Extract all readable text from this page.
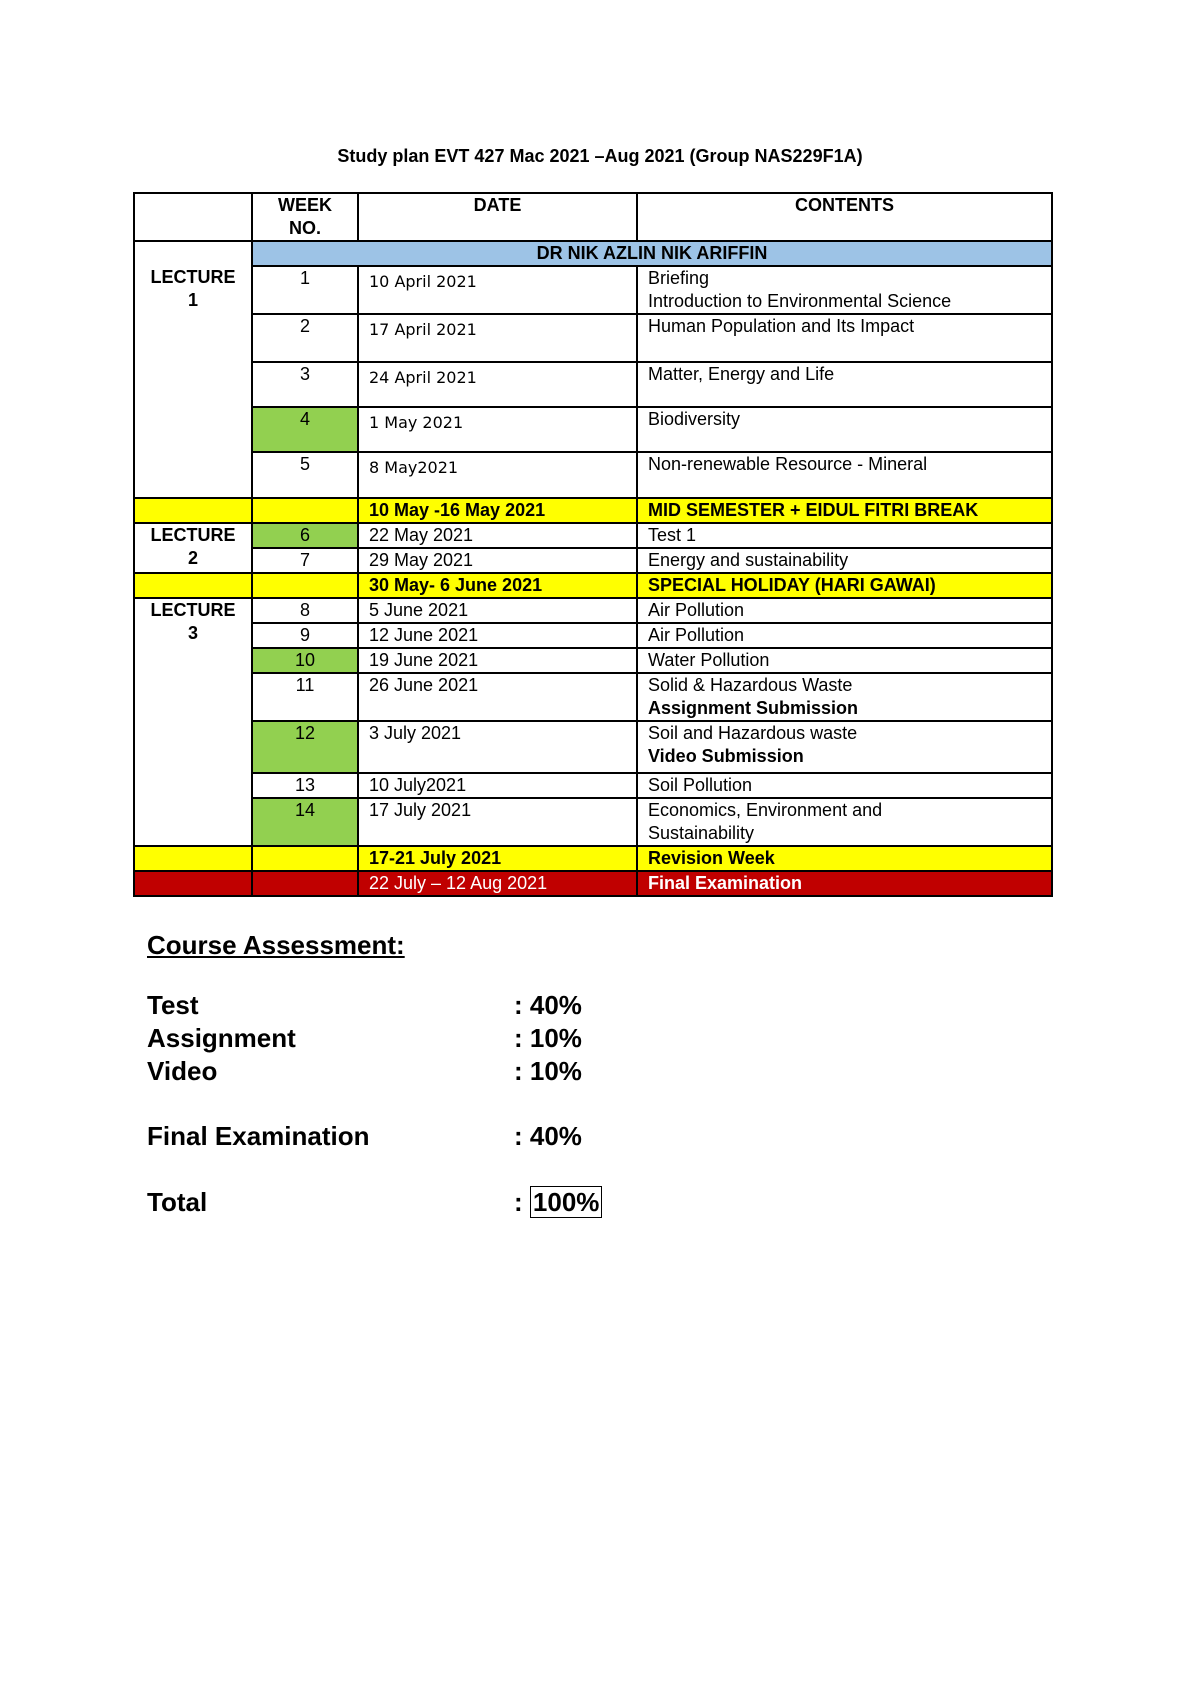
Study plan EVT 427 Mac 2021 –Aug 2021 (Group NAS229F1A)
	WEEK NO.	DATE	CONTENTS
	DR NIK AZLIN NIK ARIFFIN		
LECTURE 1	1	10 April 2021	Briefing
Introduction to Environmental Science

	2	17 April 2021	Human Population and Its Impact
	3	24 April 2021	Matter, Energy and Life
	4	1 May 2021	Biodiversity
	5	8 May2021	Non-renewable Resource - Mineral
		10 May -16 May 2021	MID SEMESTER + EIDUL FITRI BREAK
LECTURE 2	6	22 May 2021	Test 1
	7	29 May 2021	Energy and sustainability
		30 May- 6 June 2021	SPECIAL HOLIDAY (HARI GAWAI)
LECTURE 3	8	5 June 2021	Air Pollution
	9	12 June 2021	Air Pollution
	10	19 June 2021	Water Pollution
	11	26 June 2021	Solid & Hazardous Waste
Assignment Submission

	12	3 July 2021	Soil and Hazardous waste
Video Submission

	13	10 July2021	Soil Pollution
	14	17 July 2021	Economics, Environment and
Sustainability

		17-21 July 2021	Revision Week
		22 July – 12 Aug 2021	Final Examination
Course Assessment:
Test	: 40%
Assignment	: 10%
Video	: 10%
Final Examination	: 40%
Total	: 100%
